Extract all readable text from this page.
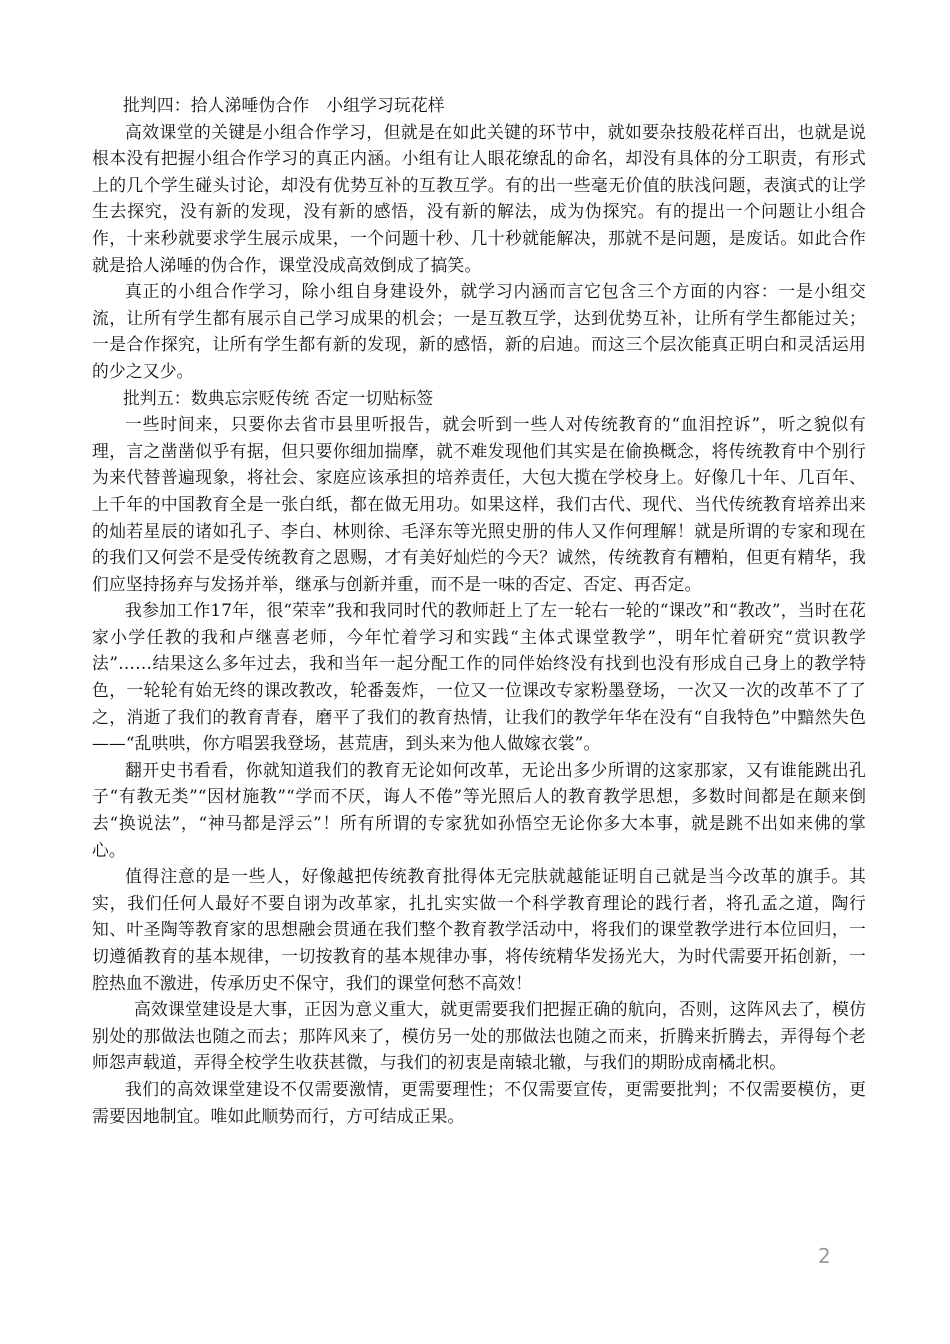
批判四：拾人涕唾伪合作　小组学习玩花样

高效课堂的关键是小组合作学习，但就是在如此关键的环节中，就如要杂技般花样百出，也就是说根本没有把握小组合作学习的真正内涵。小组有让人眼花缭乱的命名，却没有具体的分工职责，有形式上的几个学生碰头讨论，却没有优势互补的互教互学。有的出一些毫无价值的肤浅问题，表演式的让学生去探究，没有新的发现，没有新的感悟，没有新的解法，成为伪探究。有的提出一个问题让小组合作，十来秒就要求学生展示成果，一个问题十秒、几十秒就能解决，那就不是问题，是废话。如此合作就是拾人涕唾的伪合作，课堂没成高效倒成了搞笑。

真正的小组合作学习，除小组自身建设外，就学习内涵而言它包含三个方面的内容：一是小组交流，让所有学生都有展示自己学习成果的机会；一是互教互学，达到优势互补，让所有学生都能过关；一是合作探究，让所有学生都有新的发现，新的感悟，新的启迪。而这三个层次能真正明白和灵活运用的少之又少。

批判五：数典忘宗贬传统 否定一切贴标签

一些时间来，只要你去省市县里听报告，就会听到一些人对传统教育的“血泪控诉”，听之貌似有理，言之凿凿似乎有据，但只要你细加揣摩，就不难发现他们其实是在偷换概念，将传统教育中个别行为来代替普遍现象，将社会、家庭应该承担的培养责任，大包大揽在学校身上。好像几十年、几百年、上千年的中国教育全是一张白纸，都在做无用功。如果这样，我们古代、现代、当代传统教育培养出来的灿若星辰的诸如孔子、李白、林则徐、毛泽东等光照史册的伟人又作何理解！就是所谓的专家和现在的我们又何尝不是受传统教育之恩赐，才有美好灿烂的今天？诚然，传统教育有糟粕，但更有精华，我们应坚持扬弃与发扬并举，继承与创新并重，而不是一味的否定、否定、再否定。

我参加工作17年，很“荣幸”我和我同时代的教师赶上了左一轮右一轮的“课改”和“教改”，当时在花家小学任教的我和卢继喜老师，今年忙着学习和实践“主体式课堂教学”，明年忙着研究“赏识教学法”……结果这么多年过去，我和当年一起分配工作的同伴始终没有找到也没有形成自己身上的教学特色，一轮轮有始无终的课改教改，轮番轰炸，一位又一位课改专家粉墨登场，一次又一次的改革不了了之，消逝了我们的教育青春，磨平了我们的教育热情，让我们的教学年华在没有“自我特色”中黯然失色——“乱哄哄，你方唱罢我登场，甚荒唐，到头来为他人做嫁衣裳”。

翻开史书看看，你就知道我们的教育无论如何改革，无论出多少所谓的这家那家，又有谁能跳出孔子“有教无类”“因材施教”“学而不厌，诲人不倦”等光照后人的教育教学思想，多数时间都是在颠来倒去“换说法”，“神马都是浮云”！所有所谓的专家犹如孙悟空无论你多大本事，就是跳不出如来佛的掌心。

值得注意的是一些人，好像越把传统教育批得体无完肤就越能证明自己就是当今改革的旗手。其实，我们任何人最好不要自诩为改革家，扎扎实实做一个科学教育理论的践行者，将孔孟之道，陶行知、叶圣陶等教育家的思想融会贯通在我们整个教育教学活动中，将我们的课堂教学进行本位回归，一切遵循教育的基本规律，一切按教育的基本规律办事，将传统精华发扬光大，为时代需要开拓创新，一腔热血不激进，传承历史不保守，我们的课堂何愁不高效！

高效课堂建设是大事，正因为意义重大，就更需要我们把握正确的航向，否则，这阵风去了，模仿别处的那做法也随之而去；那阵风来了，模仿另一处的那做法也随之而来，折腾来折腾去，弄得每个老师怨声载道，弄得全校学生收获甚微，与我们的初衷是南辕北辙，与我们的期盼成南橘北枳。

我们的高效课堂建设不仅需要激情，更需要理性；不仅需要宣传，更需要批判；不仅需要模仿，更需要因地制宜。唯如此顺势而行，方可结成正果。

2
